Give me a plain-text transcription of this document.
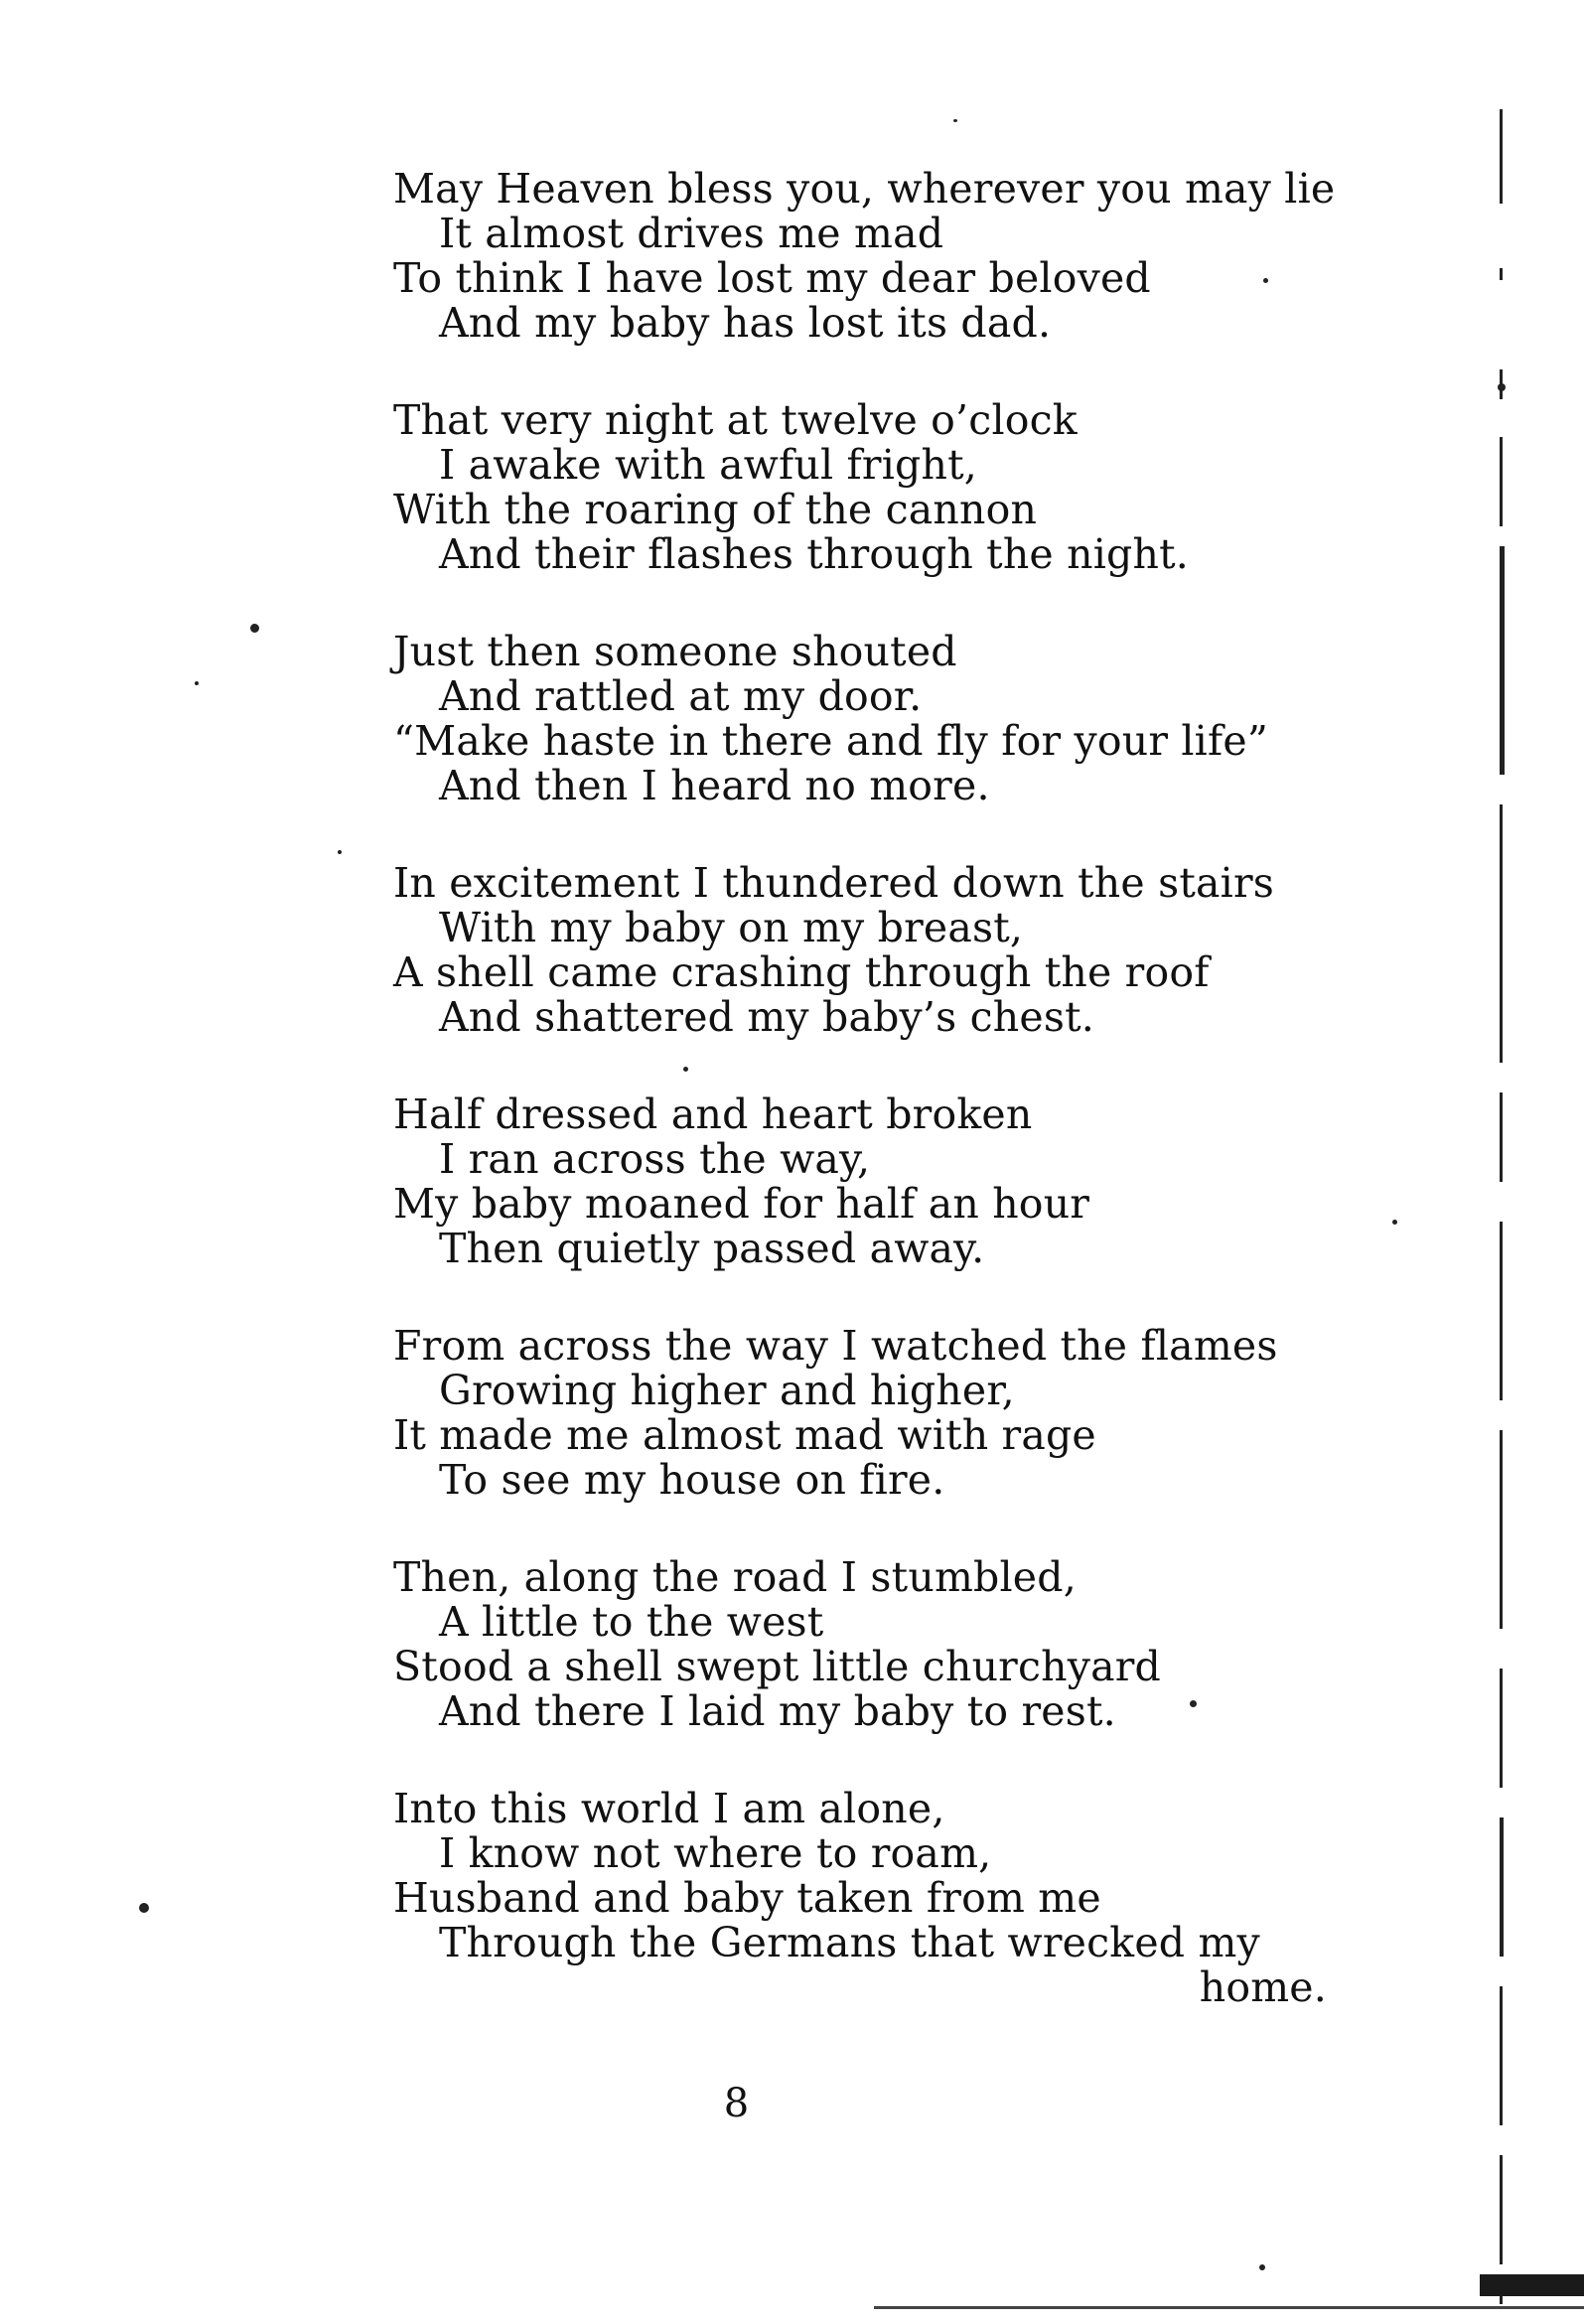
May Heaven bless you, wherever you may lie
It almost drives me mad
To think I have lost my dear beloved
And my baby has lost its dad.
That very night at twelve o’clock
I awake with awful fright,
With the roaring of the cannon
And their flashes through the night.
Just then someone shouted
And rattled at my door.
“Make haste in there and fly for your life”
And then I heard no more.
In excitement I thundered down the stairs
With my baby on my breast,
A shell came crashing through the roof
And shattered my baby’s chest.
Half dressed and heart broken
I ran across the way,
My baby moaned for half an hour
Then quietly passed away.
From across the way I watched the flames
Growing higher and higher,
It made me almost mad with rage
To see my house on fire.
Then, along the road I stumbled,
A little to the west
Stood a shell swept little churchyard
And there I laid my baby to rest.
Into this world I am alone,
I know not where to roam,
Husband and baby taken from me
Through the Germans that wrecked my
home.
8
